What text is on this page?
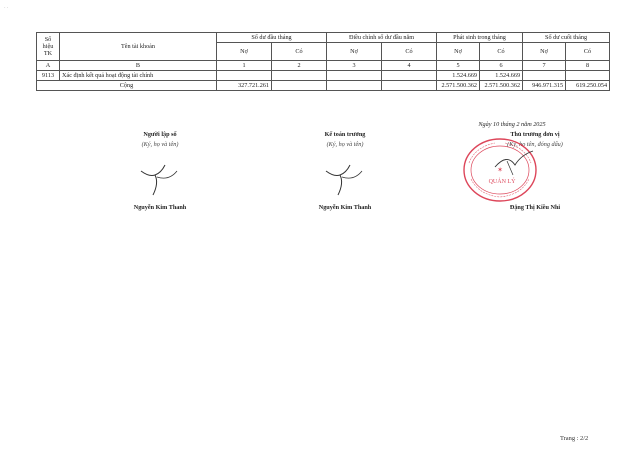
· ·
Số hiệu TK	Tên tài khoản	Số dư đầu tháng		Điều chỉnh số dư đầu năm		Phát sinh trong tháng		Số dư cuối tháng	
		Nợ	Có	Nợ	Có	Nợ	Có	Nợ	Có
A	B	1	2	3	4	5	6	7	8
9113	Xác định kết quả hoạt động tài chính					1.524.669	1.524.669		
Cộng		327.721.261				2.571.500.362	2.571.500.362	946.971.315	619.250.054
Ngày 10 tháng 2 năm 2025
Người lập sổ
(Ký, họ và tên)
Nguyễn Kim Thanh
Kế toán trưởng
(Ký, họ và tên)
Nguyễn Kim Thanh
Thủ trưởng đơn vị
(Ký, họ tên, đóng dấu)
Đặng Thị Kiều Nhi
✶
QUẢN LÝ
Trang : 2/2
